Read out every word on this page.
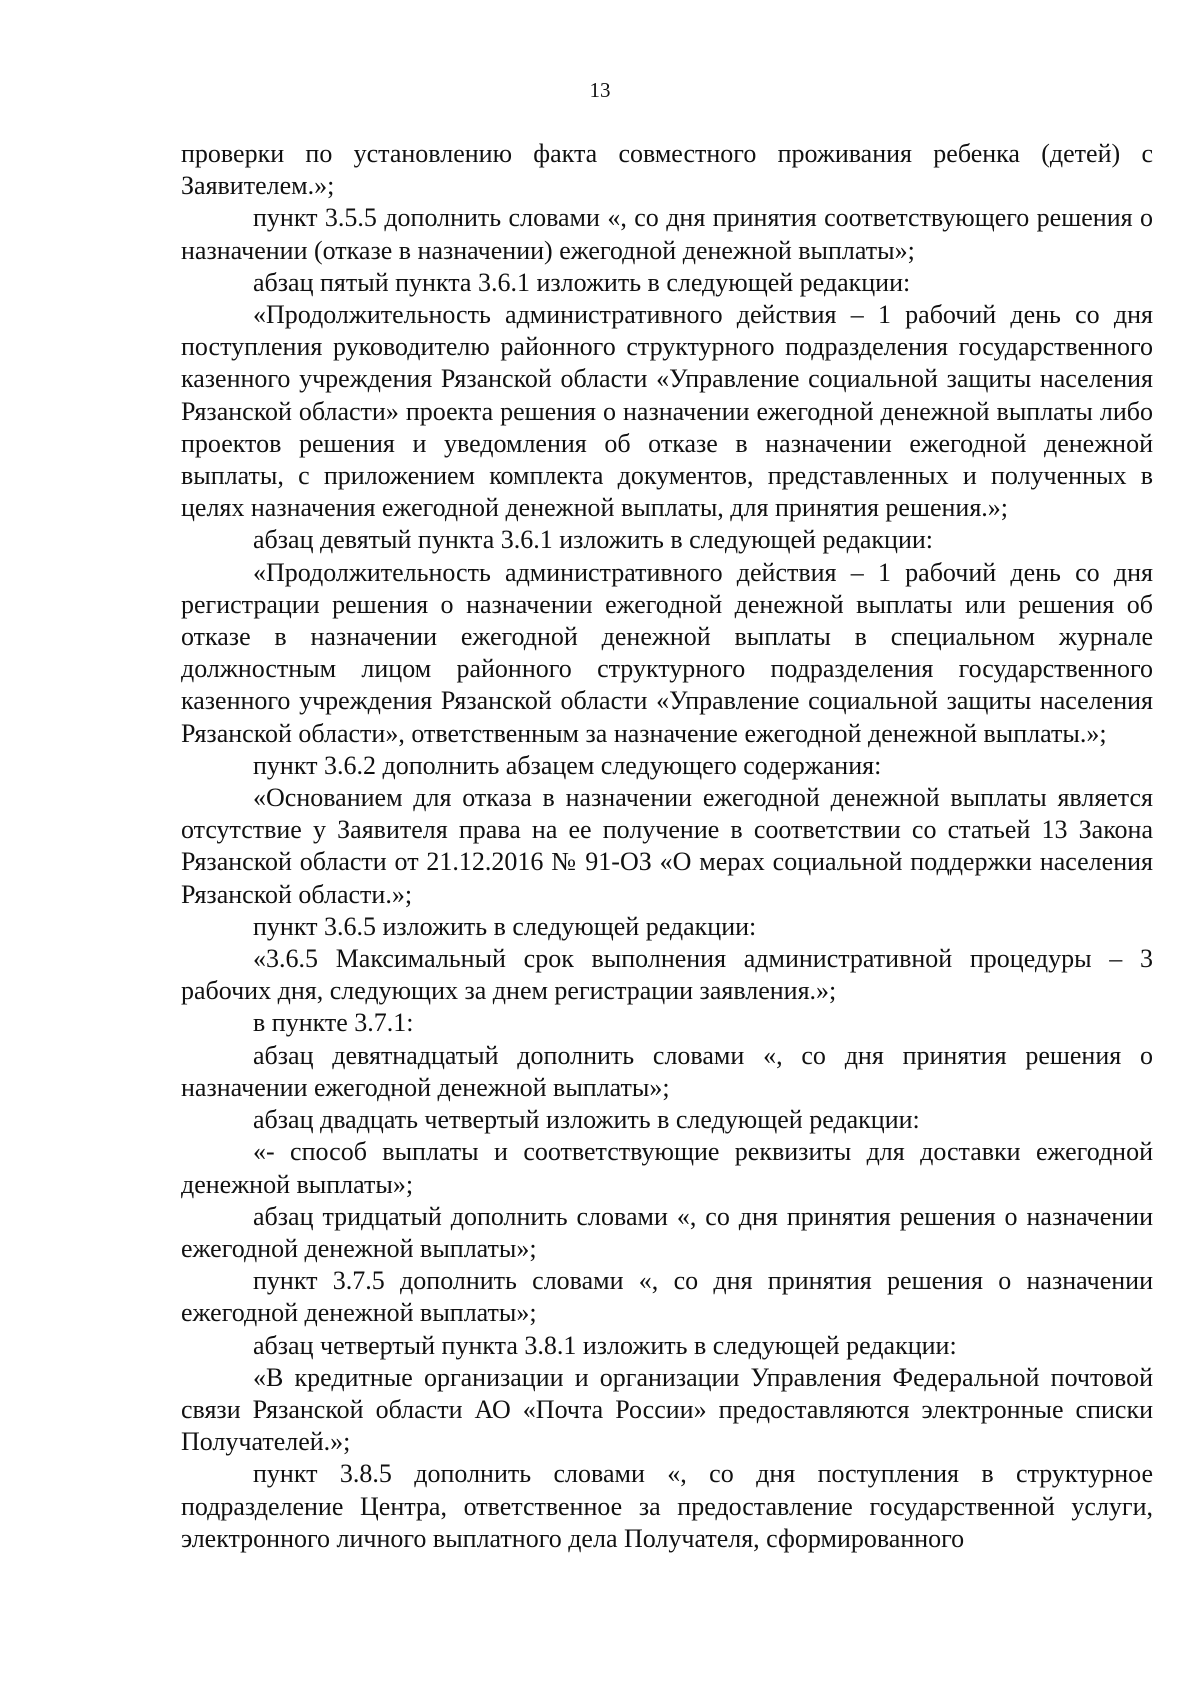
13

проверки по установлению факта совместного проживания ребенка (детей) с Заявителем.»;

пункт 3.5.5 дополнить словами «, со дня принятия соответствующего решения о назначении (отказе в назначении) ежегодной денежной выплаты»;

абзац пятый пункта 3.6.1 изложить в следующей редакции:

«Продолжительность административного действия – 1 рабочий день со дня поступления руководителю районного структурного подразделения государственного казенного учреждения Рязанской области «Управление социальной защиты населения Рязанской области» проекта решения о назначении ежегодной денежной выплаты либо проектов решения и уведомления об отказе в назначении ежегодной денежной выплаты, с приложением комплекта документов, представленных и полученных в целях назначения ежегодной денежной выплаты, для принятия решения.»;

абзац девятый пункта 3.6.1 изложить в следующей редакции:

«Продолжительность административного действия – 1 рабочий день со дня регистрации решения о назначении ежегодной денежной выплаты или решения об отказе в назначении ежегодной денежной выплаты в специальном журнале должностным лицом районного структурного подразделения государственного казенного учреждения Рязанской области «Управление социальной защиты населения Рязанской области», ответственным за назначение ежегодной денежной выплаты.»;

пункт 3.6.2 дополнить абзацем следующего содержания:

«Основанием для отказа в назначении ежегодной денежной выплаты является отсутствие у Заявителя права на ее получение в соответствии со статьей 13 Закона Рязанской области от 21.12.2016 № 91-ОЗ «О мерах социальной поддержки населения Рязанской области.»;

пункт 3.6.5 изложить в следующей редакции:

«3.6.5 Максимальный срок выполнения административной процедуры – 3 рабочих дня, следующих за днем регистрации заявления.»;

в пункте 3.7.1:

абзац девятнадцатый дополнить словами «, со дня принятия решения о назначении ежегодной денежной выплаты»;

абзац двадцать четвертый изложить в следующей редакции:

«- способ выплаты и соответствующие реквизиты для доставки ежегодной денежной выплаты»;

абзац тридцатый дополнить словами «, со дня принятия решения о назначении ежегодной денежной выплаты»;

пункт 3.7.5 дополнить словами «, со дня принятия решения о назначении ежегодной денежной выплаты»;

абзац четвертый пункта 3.8.1 изложить в следующей редакции:

«В кредитные организации и организации Управления Федеральной почтовой связи Рязанской области АО «Почта России» предоставляются электронные списки Получателей.»;

пункт 3.8.5 дополнить словами «, со дня поступления в структурное подразделение Центра, ответственное за предоставление государственной услуги, электронного личного выплатного дела Получателя, сформированного
